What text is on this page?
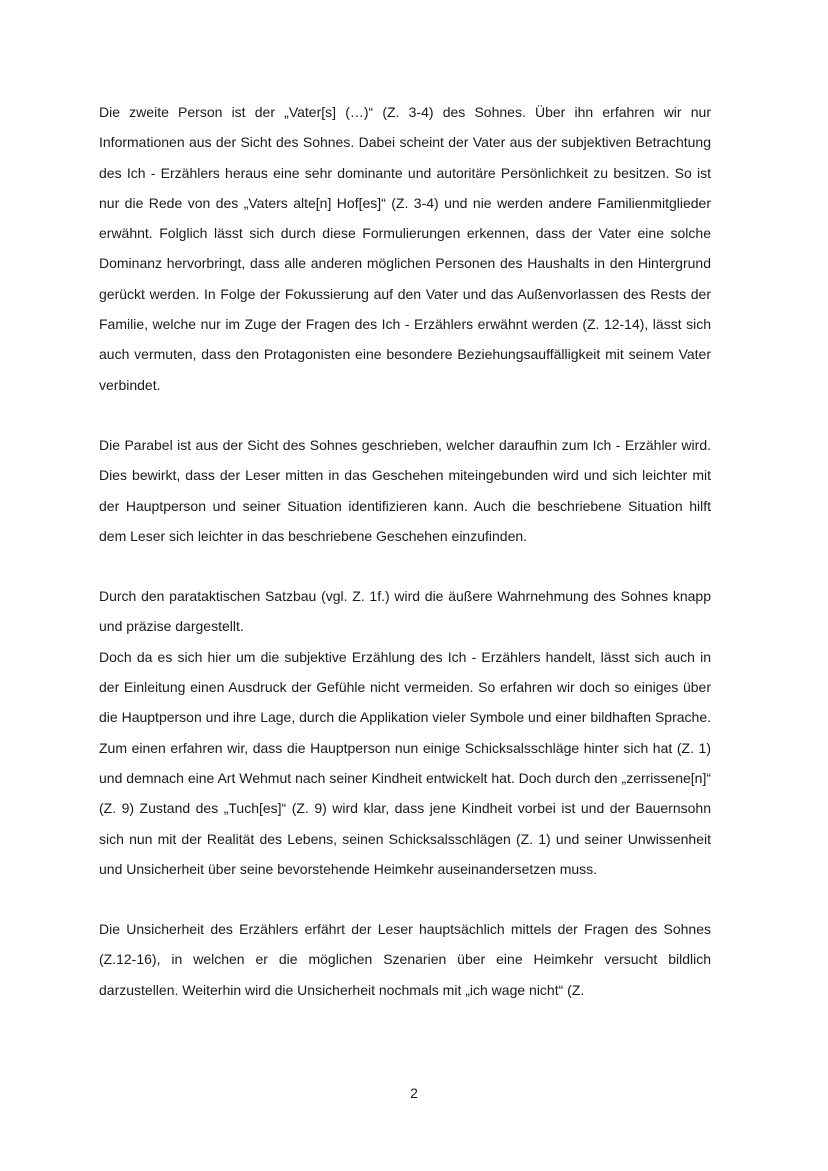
Die zweite Person ist der „Vater[s] (…)“ (Z. 3-4) des Sohnes. Über ihn erfahren wir nur Informationen aus der Sicht des Sohnes. Dabei scheint der Vater aus der subjektiven Betrachtung des Ich - Erzählers heraus eine sehr dominante und autoritäre Persönlichkeit zu besitzen. So ist nur die Rede von des „Vaters alte[n] Hof[es]“ (Z. 3-4) und nie werden andere Familienmitglieder erwähnt. Folglich lässt sich durch diese Formulierungen erkennen, dass der Vater eine solche Dominanz hervorbringt, dass alle anderen möglichen Personen des Haushalts in den Hintergrund gerückt werden. In Folge der Fokussierung auf den Vater und das Außenvorlassen des Rests der Familie, welche nur im Zuge der Fragen des Ich - Erzählers erwähnt werden (Z. 12-14), lässt sich auch vermuten, dass den Protagonisten eine besondere Beziehungsauffälligkeit mit seinem Vater verbindet.

Die Parabel ist aus der Sicht des Sohnes geschrieben, welcher daraufhin zum Ich - Erzähler wird. Dies bewirkt, dass der Leser mitten in das Geschehen miteingebunden wird und sich leichter mit der Hauptperson und seiner Situation identifizieren kann. Auch die beschriebene Situation hilft dem Leser sich leichter in das beschriebene Geschehen einzufinden.

Durch den parataktischen Satzbau (vgl. Z. 1f.) wird die äußere Wahrnehmung des Sohnes knapp und präzise dargestellt.

Doch da es sich hier um die subjektive Erzählung des Ich - Erzählers handelt, lässt sich auch in der Einleitung einen Ausdruck der Gefühle nicht vermeiden. So erfahren wir doch so einiges über die Hauptperson und ihre Lage, durch die Applikation vieler Symbole und einer bildhaften Sprache. Zum einen erfahren wir, dass die Hauptperson nun einige Schicksalsschläge hinter sich hat (Z. 1) und demnach eine Art Wehmut nach seiner Kindheit entwickelt hat. Doch durch den „zerrissene[n]“ (Z. 9) Zustand des „Tuch[es]“ (Z. 9) wird klar, dass jene Kindheit vorbei ist und der Bauernsohn sich nun mit der Realität des Lebens, seinen Schicksalsschlägen (Z. 1) und seiner Unwissenheit und Unsicherheit über seine bevorstehende Heimkehr auseinandersetzen muss.

Die Unsicherheit des Erzählers erfährt der Leser hauptsächlich mittels der Fragen des Sohnes (Z.12-16), in welchen er die möglichen Szenarien über eine Heimkehr versucht bildlich darzustellen. Weiterhin wird die Unsicherheit nochmals mit „ich wage nicht“ (Z.

2
